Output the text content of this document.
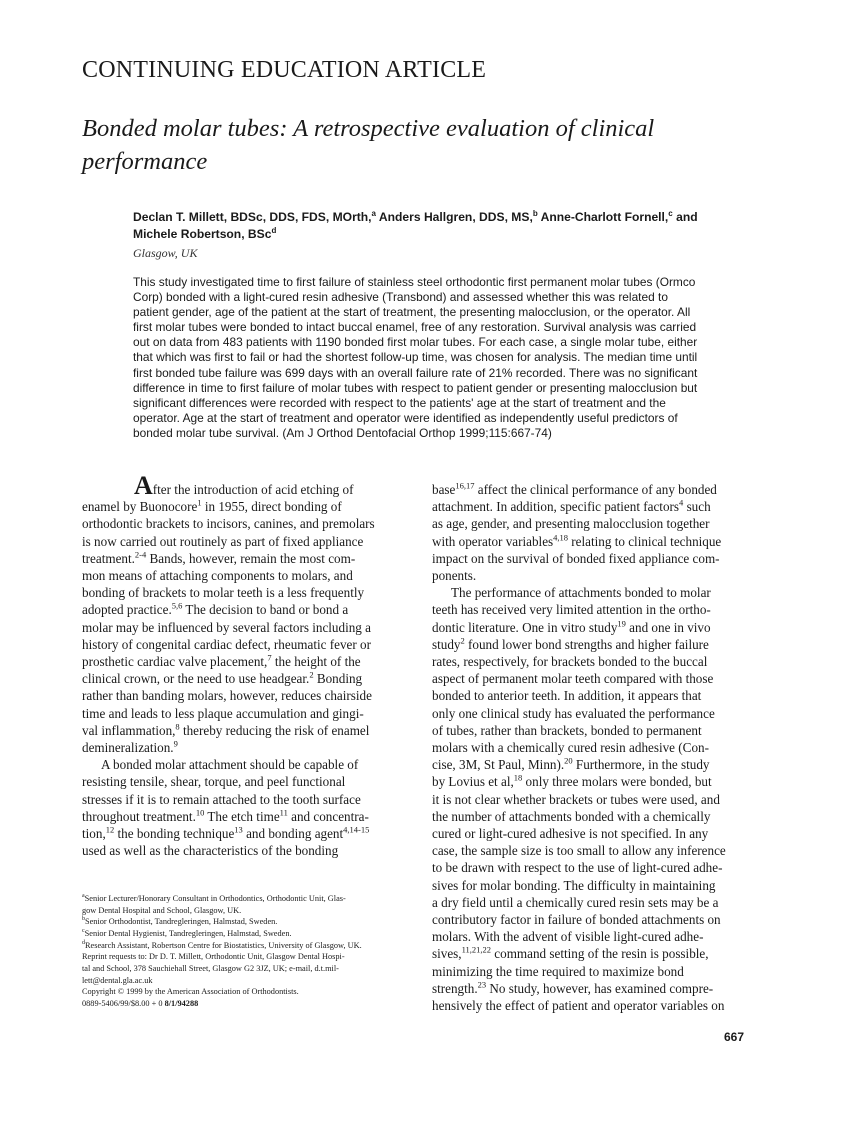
CONTINUING EDUCATION ARTICLE
Bonded molar tubes: A retrospective evaluation of clinical
performance
Declan T. Millett, BDSc, DDS, FDS, MOrth,$^a$ Anders Hallgren, DDS, MS,$^b$ Anne-Charlott Fornell,$^c$ and
Michele Robertson, BSc$^d$
Glasgow, UK
This study investigated time to first failure of stainless steel orthodontic first permanent molar tubes (Ormco
Corp) bonded with a light-cured resin adhesive (Transbond) and assessed whether this was related to
patient gender, age of the patient at the start of treatment, the presenting malocclusion, or the operator. All
first molar tubes were bonded to intact buccal enamel, free of any restoration. Survival analysis was carried
out on data from 483 patients with 1190 bonded first molar tubes. For each case, a single molar tube, either
that which was first to fail or had the shortest follow-up time, was chosen for analysis. The median time until
first bonded tube failure was 699 days with an overall failure rate of 21% recorded. There was no significant
difference in time to first failure of molar tubes with respect to patient gender or presenting malocclusion but
significant differences were recorded with respect to the patients' age at the start of treatment and the
operator. Age at the start of treatment and operator were identified as independently useful predictors of
bonded molar tube survival. (Am J Orthod Dentofacial Orthop 1999;115:667-74)
After the introduction of acid etching of
enamel by Buonocore$^1$ in 1955, direct bonding of
orthodontic brackets to incisors, canines, and premolars
is now carried out routinely as part of fixed appliance
treatment.$^{2-4}$ Bands, however, remain the most com-
mon means of attaching components to molars, and
bonding of brackets to molar teeth is a less frequently
adopted practice.$^{5,6}$ The decision to band or bond a
molar may be influenced by several factors including a
history of congenital cardiac defect, rheumatic fever or
prosthetic cardiac valve placement,$^7$ the height of the
clinical crown, or the need to use headgear.$^2$ Bonding
rather than banding molars, however, reduces chairside
time and leads to less plaque accumulation and gingi-
val inflammation,$^8$ thereby reducing the risk of enamel
demineralization.$^9$
A bonded molar attachment should be capable of
resisting tensile, shear, torque, and peel functional
stresses if it is to remain attached to the tooth surface
throughout treatment.$^{10}$ The etch time$^{11}$ and concentra-
tion,$^{12}$ the bonding technique$^{13}$ and bonding agent$^{4,14-15}$
used as well as the characteristics of the bonding
base$^{16,17}$ affect the clinical performance of any bonded
attachment. In addition, specific patient factors$^4$ such
as age, gender, and presenting malocclusion together
with operator variables$^{4,18}$ relating to clinical technique
impact on the survival of bonded fixed appliance com-
ponents.
The performance of attachments bonded to molar
teeth has received very limited attention in the ortho-
dontic literature. One in vitro study$^{19}$ and one in vivo
study$^2$ found lower bond strengths and higher failure
rates, respectively, for brackets bonded to the buccal
aspect of permanent molar teeth compared with those
bonded to anterior teeth. In addition, it appears that
only one clinical study has evaluated the performance
of tubes, rather than brackets, bonded to permanent
molars with a chemically cured resin adhesive (Con-
cise, 3M, St Paul, Minn).$^{20}$ Furthermore, in the study
by Lovius et al,$^{18}$ only three molars were bonded, but
it is not clear whether brackets or tubes were used, and
the number of attachments bonded with a chemically
cured or light-cured adhesive is not specified. In any
case, the sample size is too small to allow any inference
to be drawn with respect to the use of light-cured adhe-
sives for molar bonding. The difficulty in maintaining
a dry field until a chemically cured resin sets may be a
contributory factor in failure of bonded attachments on
molars. With the advent of visible light-cured adhe-
sives,$^{11,21,22}$ command setting of the resin is possible,
minimizing the time required to maximize bond
strength.$^{23}$ No study, however, has examined compre-
hensively the effect of patient and operator variables on
$^a$Senior Lecturer/Honorary Consultant in Orthodontics, Orthodontic Unit, Glas-
gow Dental Hospital and School, Glasgow, UK.
$^b$Senior Orthodontist, Tandregleringen, Halmstad, Sweden.
$^c$Senior Dental Hygienist, Tandregleringen, Halmstad, Sweden.
$^d$Research Assistant, Robertson Centre for Biostatistics, University of Glasgow, UK.
Reprint requests to: Dr D. T. Millett, Orthodontic Unit, Glasgow Dental Hospi-
tal and School, 378 Sauchiehall Street, Glasgow G2 3JZ, UK; e-mail, d.t.mil-
lett@dental.gla.ac.uk
Copyright © 1999 by the American Association of Orthodontists.
0889-5406/99/$8.00 + 0 8/1/94288
667
